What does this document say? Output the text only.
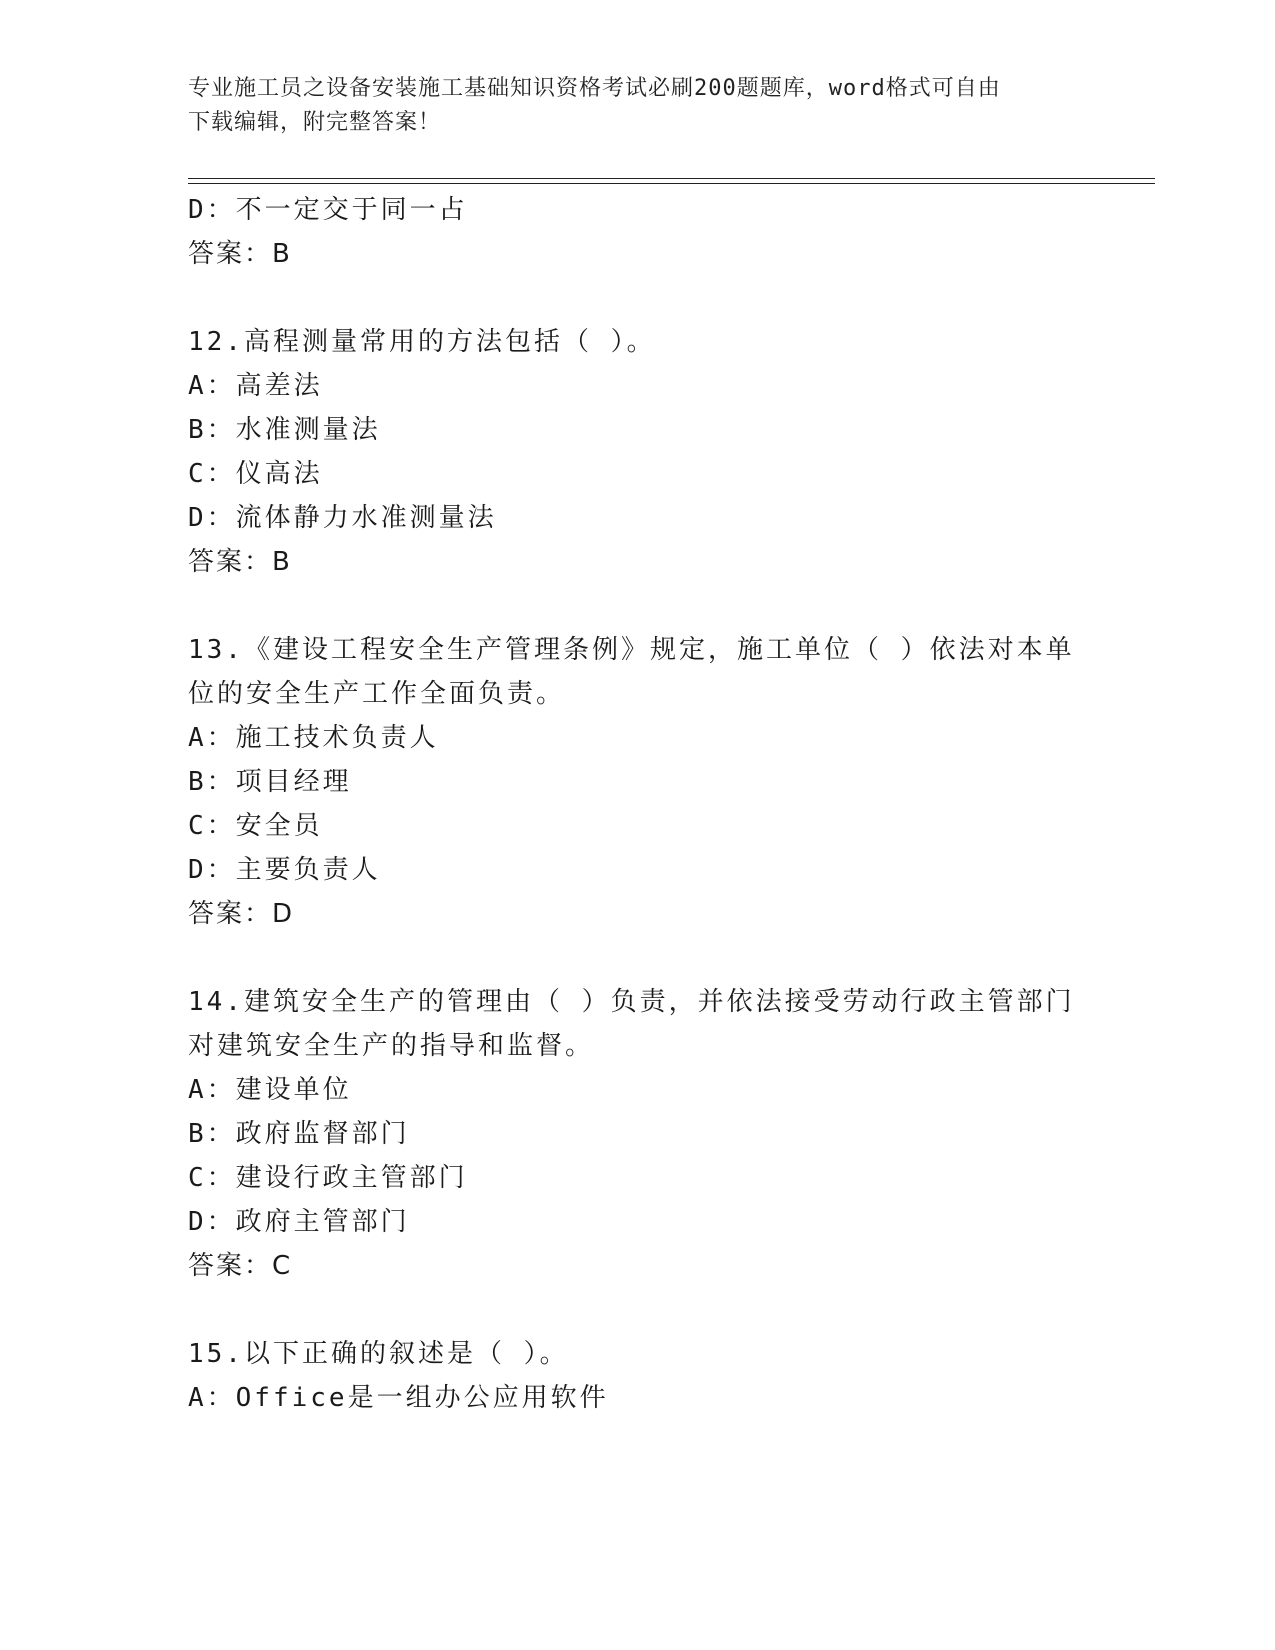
专业施工员之设备安装施工基础知识资格考试必刷200题题库，word格式可自由
下载编辑，附完整答案！
D：不一定交于同一占
答案：B
12.高程测量常用的方法包括（ ）。
A：高差法
B：水准测量法
C：仪高法
D：流体静力水准测量法
答案：B
13.《建设工程安全生产管理条例》规定，施工单位（ ）依法对本单
位的安全生产工作全面负责。
A：施工技术负责人
B：项目经理
C：安全员
D：主要负责人
答案：D
14.建筑安全生产的管理由（ ）负责，并依法接受劳动行政主管部门
对建筑安全生产的指导和监督。
A：建设单位
B：政府监督部门
C：建设行政主管部门
D：政府主管部门
答案：C
15.以下正确的叙述是（ ）。
A：Office是一组办公应用软件
